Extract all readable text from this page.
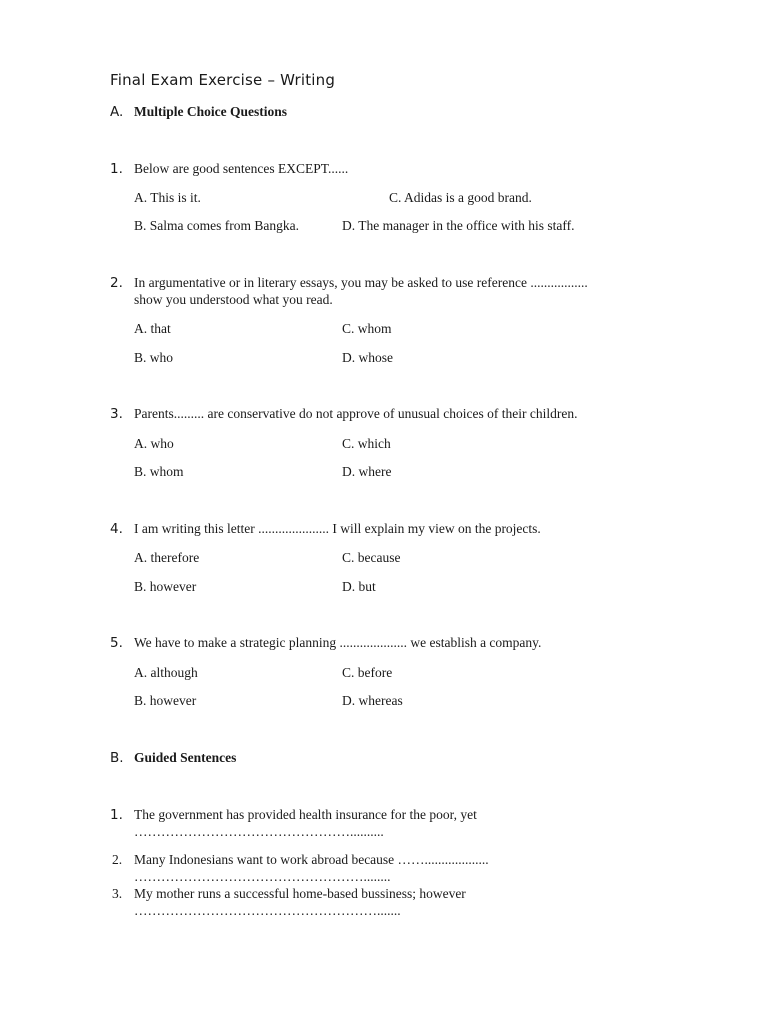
Final Exam Exercise – Writing
A. Multiple Choice Questions
1. Below are good sentences EXCEPT......
A. This is it.	C. Adidas is a good brand.
B. Salma comes from Bangka.	D. The manager in the office with his staff.
2. In argumentative or in literary essays, you may be asked to use reference .................
show you understood what you read.
A. that	C. whom
B. who	D. whose
3. Parents......... are conservative do not approve of unusual choices of their children.
A. who	C. which
B. whom	D. where
4. I am writing this letter ..................... I will explain my view on the projects.
A. therefore	C. because
B. however	D. but
5. We have to make a strategic planning .................... we establish a company.
A. although	C. before
B. however	D. whereas
B. Guided Sentences
1. The government has provided health insurance for the poor, yet
…………………………………………..........
2. Many Indonesians want to work abroad because ……...................
……………………………………………........
3. My mother runs a successful home-based bussiness; however
……………………………………………….......
